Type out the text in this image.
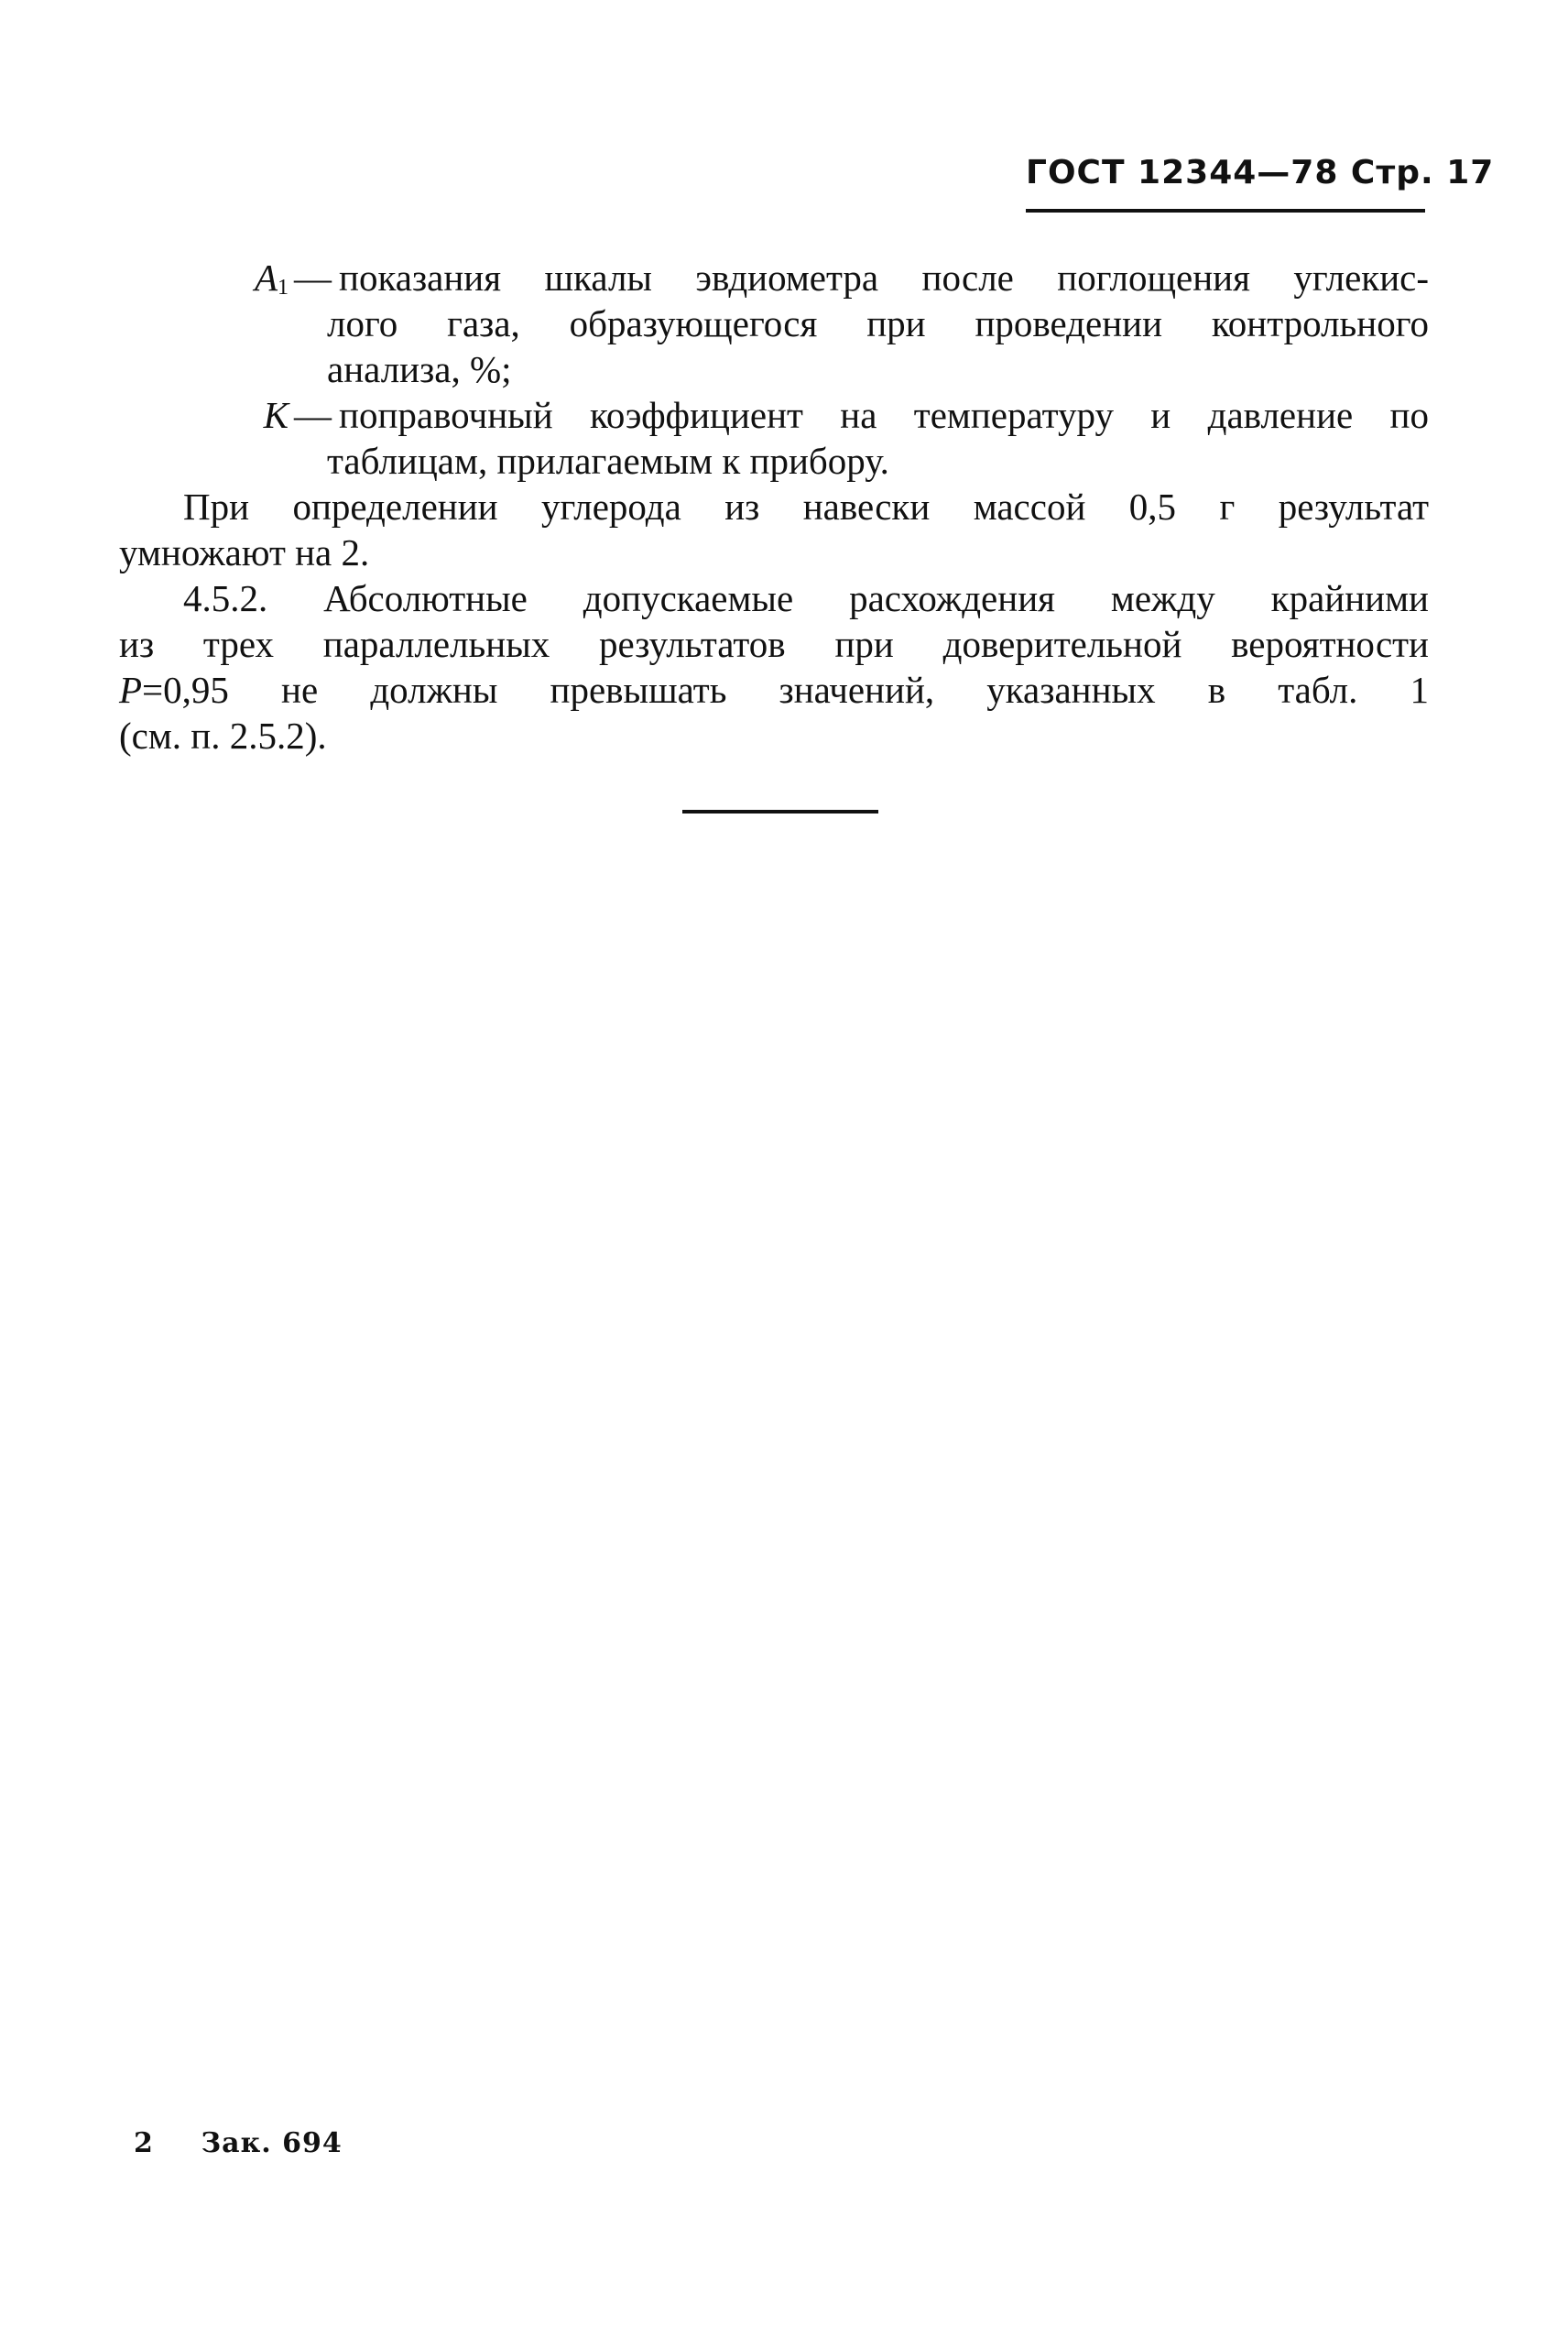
ГОСТ 12344—78 Стр. 17
$A_1$ — показания шкалы эвдиометра после поглощения углекис-
лого газа, образующегося при проведении контрольного
анализа, %;
K — поправочный коэффициент на температуру и давление по
таблицам, прилагаемым к прибору.
При определении углерода из навески массой 0,5 г результат
умножают на 2.
4.5.2. Абсолютные допускаемые расхождения между крайними
из трех параллельных результатов при доверительной вероятности
P=0,95 не должны превышать значений, указанных в табл. 1
(см. п. 2.5.2).
2 Зак. 694
